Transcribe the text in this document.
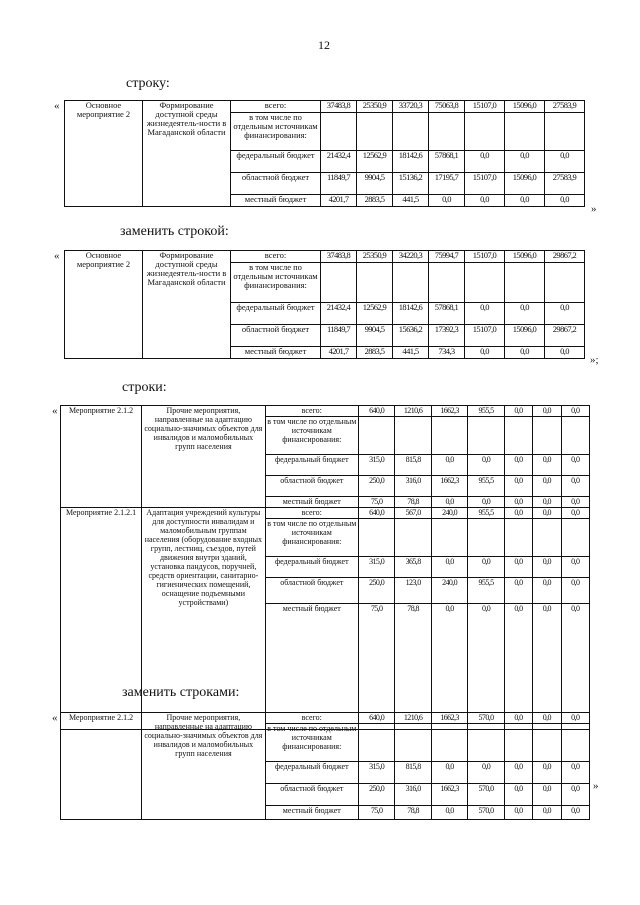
12
строку:
«	Основное мероприятие 2	Формирование доступной среды жизнедеятель-ности в Магаданской области	всего:	37483,8	25350,9	33720,3	75063,8	15107,0	15096,0	27583,9
		в том числе по отдельным источникам финансирования:							
		федеральный бюджет	21432,4	12562,9	18142,6	57868,1	0,0	0,0	0,0
		областной бюджет	11849,7	9904,5	15136,2	17195,7	15107,0	15096,0	27583,9
		местный бюджет	4201,7	2883,5	441,5	0,0	0,0	0,0	0,0
»
заменить строкой:
«	Основное мероприятие 2	Формирование доступной среды жизнедеятель-ности в Магаданской области	всего:	37483,8	25350,9	34220,3	75994,7	15107,0	15096,0	29867,2
		в том числе по отдельным источникам финансирования:							
		федеральный бюджет	21432,4	12562,9	18142,6	57868,1	0,0	0,0	0,0
		областной бюджет	11849,7	9904,5	15636,2	17392,3	15107,0	15096,0	29867,2
		местный бюджет	4201,7	2883,5	441,5	734,3	0,0	0,0	0,0
»;
строки:
« Мероприятие 2.1.2	Прочие мероприятия, направленные на адаптацию социально-значимых объектов для инвалидов и маломобильных групп населения	всего:	640,0	1210,6	1662,3	955,5	0,0	0,0	0,0
		в том числе по отдельным источникам финансирования:							
		федеральный бюджет	315,0	815,8	0,0	0,0	0,0	0,0	0,0
		областной бюджет	250,0	316,0	1662,3	955,5	0,0	0,0	0,0
		местный бюджет	75,0	78,8	0,0	0,0	0,0	0,0	0,0
Мероприятие 2.1.2.1	Адаптация учреждений культуры для доступности инвалидам и маломобильным группам населения (оборудование входных групп, лестниц, съездов, путей движения внутри зданий, установка пандусов, поручней, средств ориентации, санитарно-гигиенических помещений, оснащение подъемными устройствами)	всего:	640,0	567,0	240,0	955,5	0,0	0,0	0,0
		в том числе по отдельным источникам финансирования:							
		федеральный бюджет	315,0	365,8	0,0	0,0	0,0	0,0	0,0
		областной бюджет	250,0	123,0	240,0	955,5	0,0	0,0	0,0
		местный бюджет	75,0	78,8	0,0	0,0	0,0	0,0	0,0
»
заменить строками:
« Мероприятие 2.1.2	Прочие мероприятия, направленные на адаптацию социально-значимых объектов для инвалидов и маломобильных групп населения	всего:	640,0	1210,6	1662,3	570,0	0,0	0,0	0,0
		в том числе по отдельным источникам финансирования:							
		федеральный бюджет	315,0	815,8	0,0	0,0	0,0	0,0	0,0
		областной бюджет	250,0	316,0	1662,3	570,0	0,0	0,0	0,0
		местный бюджет	75,0	78,8	0,0	570,0	0,0	0,0	0,0
